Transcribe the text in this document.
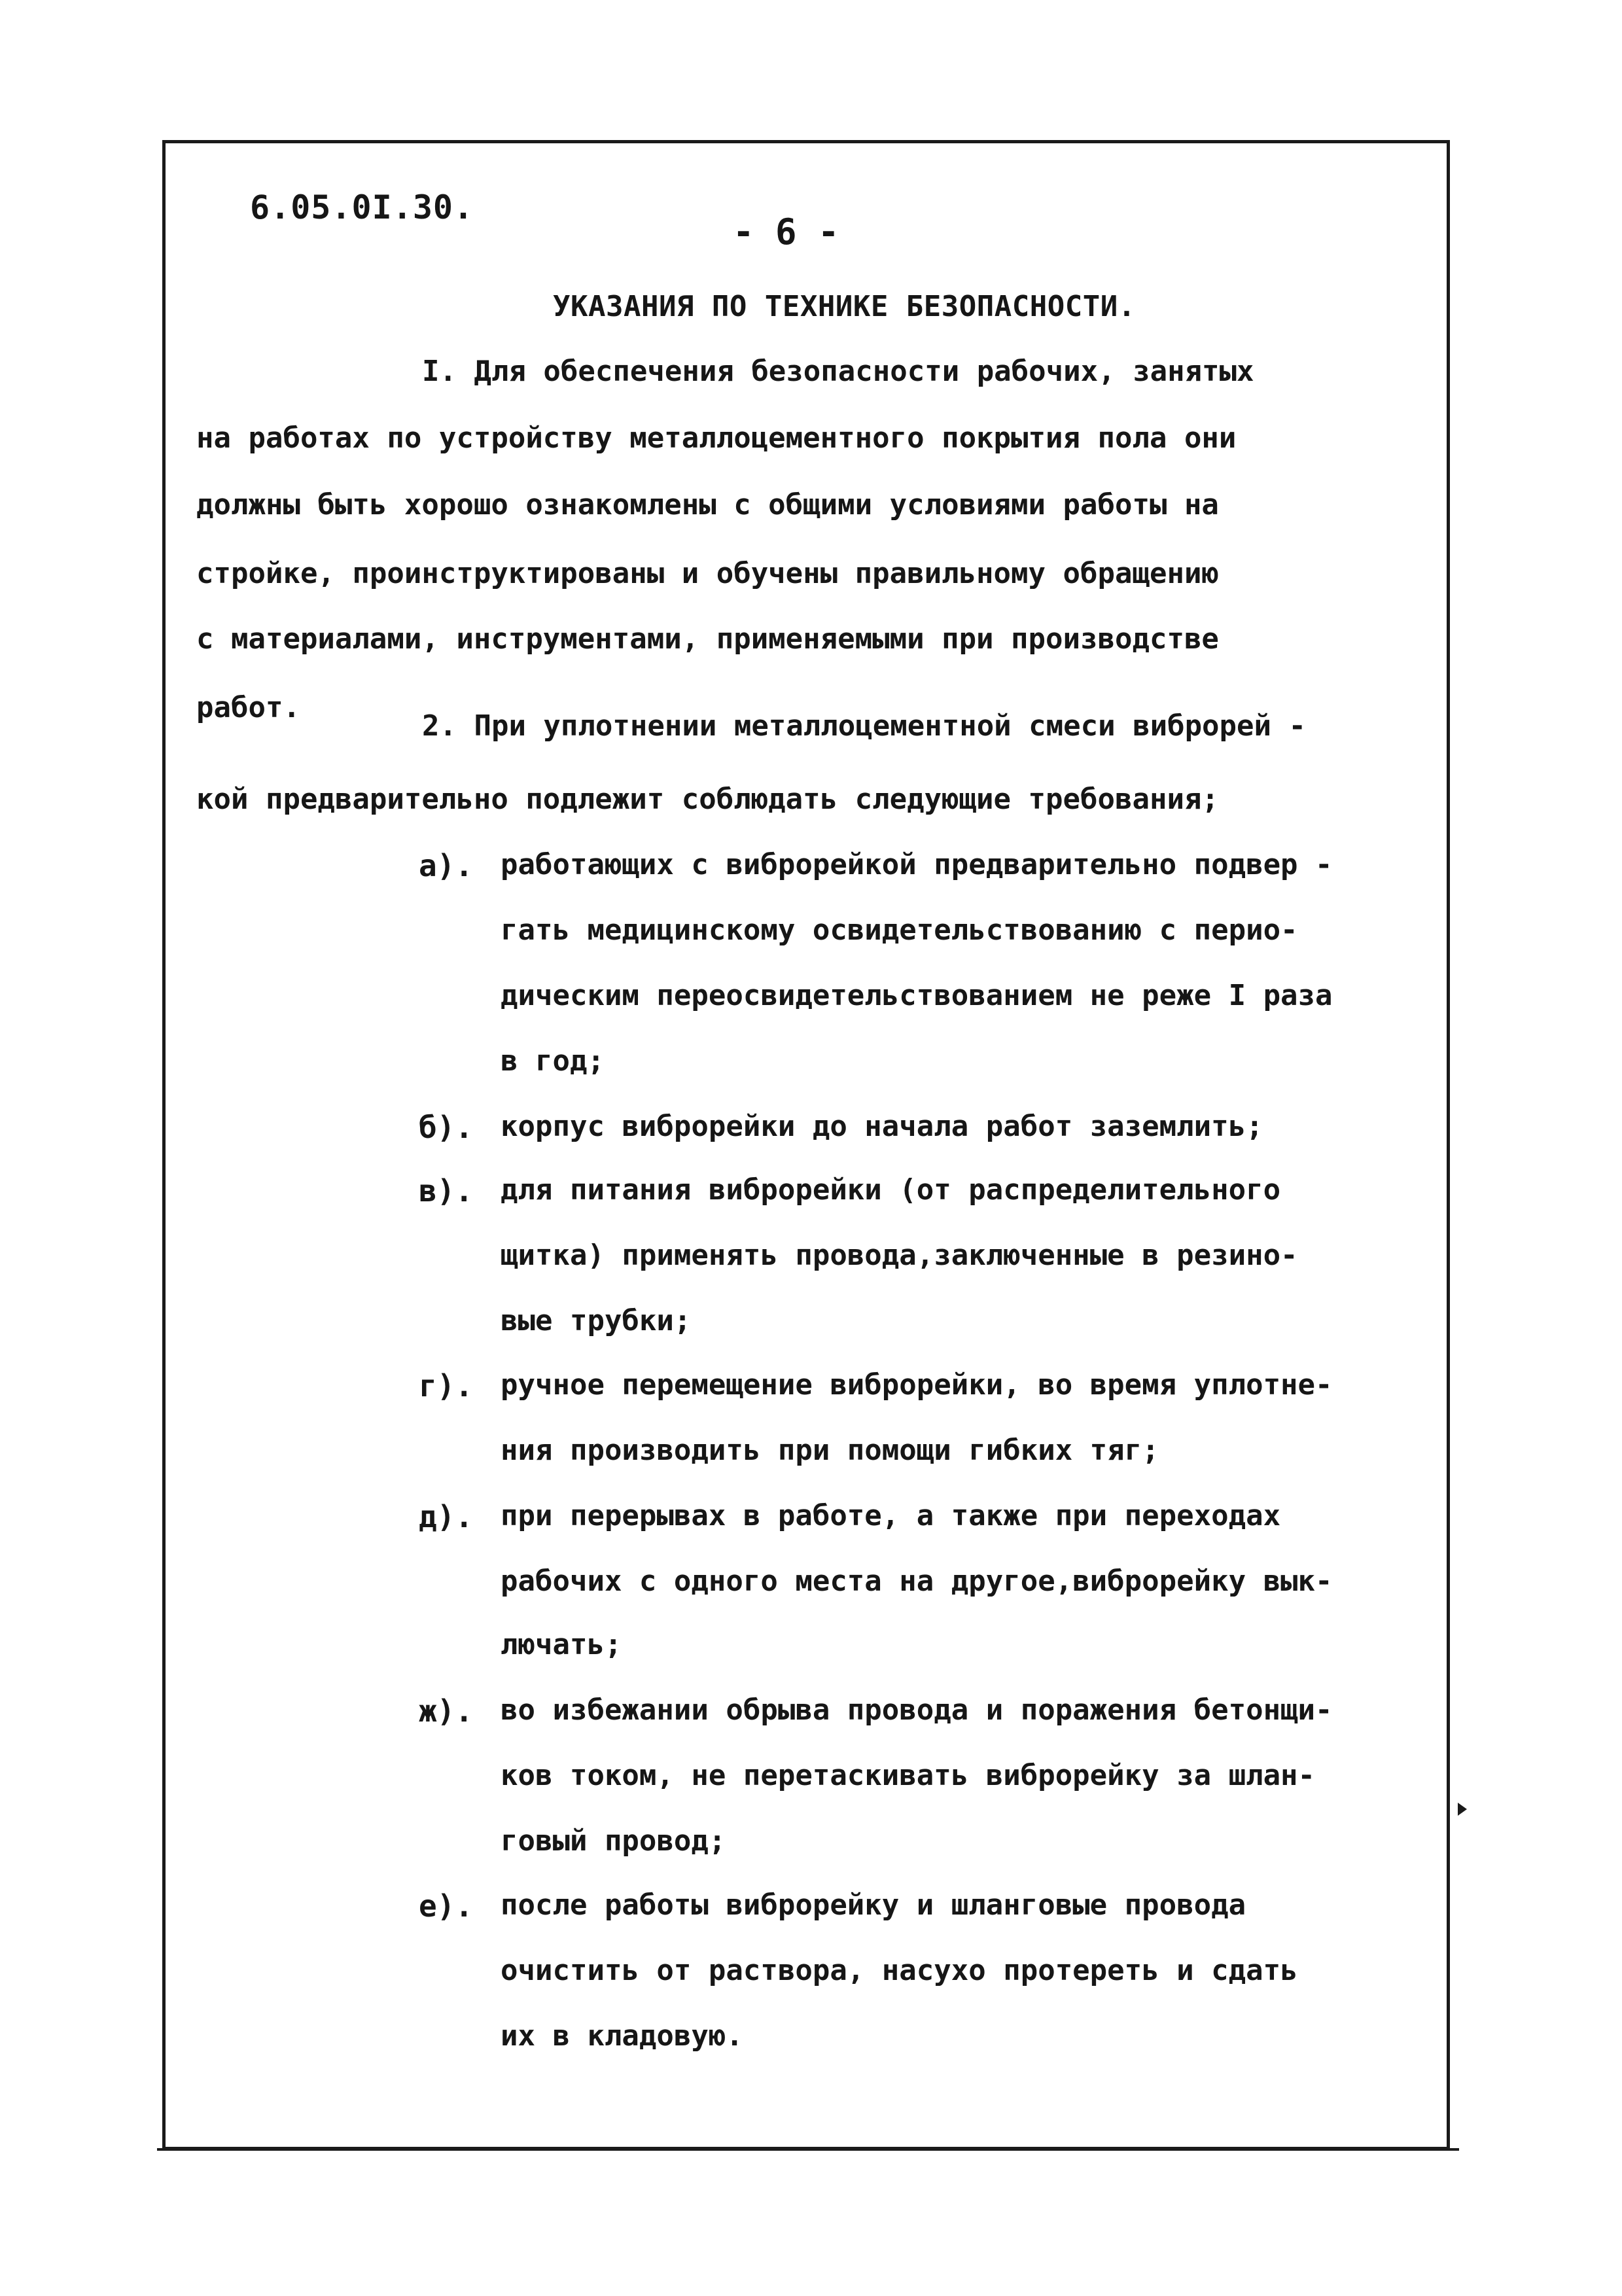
6.05.0I.30.
- 6 -
УКАЗАНИЯ ПО ТЕХНИКЕ БЕЗОПАСНОСТИ.
I. Для обеспечения безопасности рабочих, занятых
на работах по устройству металлоцементного покрытия пола они
должны быть хорошо ознакомлены с общими условиями работы на
стройке, проинструктированы и обучены правильному обращению
с материалами, инструментами, применяемыми при производстве
работ.
2. При уплотнении металлоцементной смеси виброрей -
кой предварительно подлежит соблюдать следующие требования;
а). работающих с виброрейкой предварительно подвер -
гать медицинскому освидетельствованию с перио-
дическим переосвидетельствованием не реже I раза
в год;
б). корпус виброрейки до начала работ заземлить;
в). для питания виброрейки (от распределительного
щитка) применять провода,заключенные в резино-
вые трубки;
г). ручное перемещение виброрейки, во время уплотне-
ния производить при помощи гибких тяг;
д). при перерывах в работе, а также при переходах
рабочих с одного места на другое,виброрейку вык-
лючать;
ж). во избежании обрыва провода и поражения бетонщи-
ков током, не перетаскивать виброрейку за шлан-
говый провод;
е). после работы виброрейку и шланговые провода
очистить от раствора, насухо протереть и сдать
их в кладовую.
